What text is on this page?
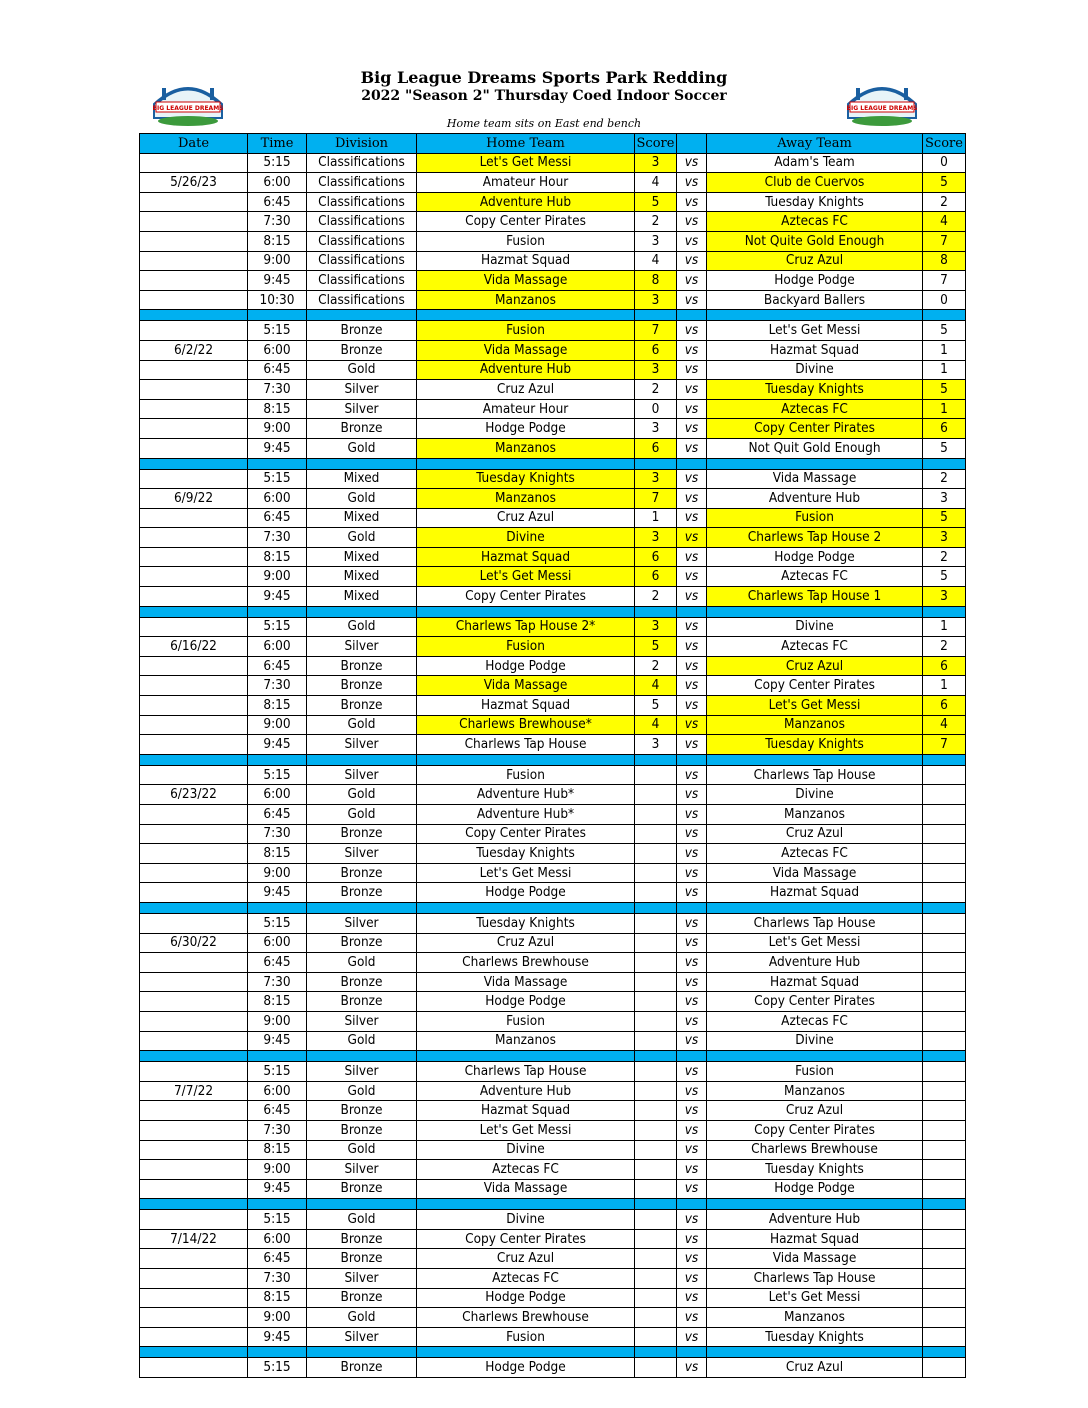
BIG LEAGUE DREAMS	BIG LEAGUE DREAMS
Big League Dreams Sports Park Redding
2022 "Season 2" Thursday Coed Indoor Soccer
Home team sits on East end bench
Date	Time	Division	Home Team	Score		Away Team	Score
	5:15	Classifications	Let's Get Messi	3	vs	Adam's Team	0
5/26/23	6:00	Classifications	Amateur Hour	4	vs	Club de Cuervos	5
	6:45	Classifications	Adventure Hub	5	vs	Tuesday Knights	2
	7:30	Classifications	Copy Center Pirates	2	vs	Aztecas FC	4
	8:15	Classifications	Fusion	3	vs	Not Quite Gold Enough	7
	9:00	Classifications	Hazmat Squad	4	vs	Cruz Azul	8
	9:45	Classifications	Vida Massage	8	vs	Hodge Podge	7
	10:30	Classifications	Manzanos	3	vs	Backyard Ballers	0

	5:15	Bronze	Fusion	7	vs	Let's Get Messi	5
6/2/22	6:00	Bronze	Vida Massage	6	vs	Hazmat Squad	1
	6:45	Gold	Adventure Hub	3	vs	Divine	1
	7:30	Silver	Cruz Azul	2	vs	Tuesday Knights	5
	8:15	Silver	Amateur Hour	0	vs	Aztecas FC	1
	9:00	Bronze	Hodge Podge	3	vs	Copy Center Pirates	6
	9:45	Gold	Manzanos	6	vs	Not Quit Gold Enough	5

	5:15	Mixed	Tuesday Knights	3	vs	Vida Massage	2
6/9/22	6:00	Gold	Manzanos	7	vs	Adventure Hub	3
	6:45	Mixed	Cruz Azul	1	vs	Fusion	5
	7:30	Gold	Divine	3	vs	Charlews Tap House 2	3
	8:15	Mixed	Hazmat Squad	6	vs	Hodge Podge	2
	9:00	Mixed	Let's Get Messi	6	vs	Aztecas FC	5
	9:45	Mixed	Copy Center Pirates	2	vs	Charlews Tap House 1	3

	5:15	Gold	Charlews Tap House 2*	3	vs	Divine	1
6/16/22	6:00	Silver	Fusion	5	vs	Aztecas FC	2
	6:45	Bronze	Hodge Podge	2	vs	Cruz Azul	6
	7:30	Bronze	Vida Massage	4	vs	Copy Center Pirates	1
	8:15	Bronze	Hazmat Squad	5	vs	Let's Get Messi	6
	9:00	Gold	Charlews Brewhouse*	4	vs	Manzanos	4
	9:45	Silver	Charlews Tap House	3	vs	Tuesday Knights	7

	5:15	Silver	Fusion		vs	Charlews Tap House	
6/23/22	6:00	Gold	Adventure Hub*		vs	Divine	
	6:45	Gold	Adventure Hub*		vs	Manzanos	
	7:30	Bronze	Copy Center Pirates		vs	Cruz Azul	
	8:15	Silver	Tuesday Knights		vs	Aztecas FC	
	9:00	Bronze	Let's Get Messi		vs	Vida Massage	
	9:45	Bronze	Hodge Podge		vs	Hazmat Squad	

	5:15	Silver	Tuesday Knights		vs	Charlews Tap House	
6/30/22	6:00	Bronze	Cruz Azul		vs	Let's Get Messi	
	6:45	Gold	Charlews Brewhouse		vs	Adventure Hub	
	7:30	Bronze	Vida Massage		vs	Hazmat Squad	
	8:15	Bronze	Hodge Podge		vs	Copy Center Pirates	
	9:00	Silver	Fusion		vs	Aztecas FC	
	9:45	Gold	Manzanos		vs	Divine	

	5:15	Silver	Charlews Tap House		vs	Fusion	
7/7/22	6:00	Gold	Adventure Hub		vs	Manzanos	
	6:45	Bronze	Hazmat Squad		vs	Cruz Azul	
	7:30	Bronze	Let's Get Messi		vs	Copy Center Pirates	
	8:15	Gold	Divine		vs	Charlews Brewhouse	
	9:00	Silver	Aztecas FC		vs	Tuesday Knights	
	9:45	Bronze	Vida Massage		vs	Hodge Podge	

	5:15	Gold	Divine		vs	Adventure Hub	
7/14/22	6:00	Bronze	Copy Center Pirates		vs	Hazmat Squad	
	6:45	Bronze	Cruz Azul		vs	Vida Massage	
	7:30	Silver	Aztecas FC		vs	Charlews Tap House	
	8:15	Bronze	Hodge Podge		vs	Let's Get Messi	
	9:00	Gold	Charlews Brewhouse		vs	Manzanos	
	9:45	Silver	Fusion		vs	Tuesday Knights	

	5:15	Bronze	Hodge Podge		vs	Cruz Azul	
